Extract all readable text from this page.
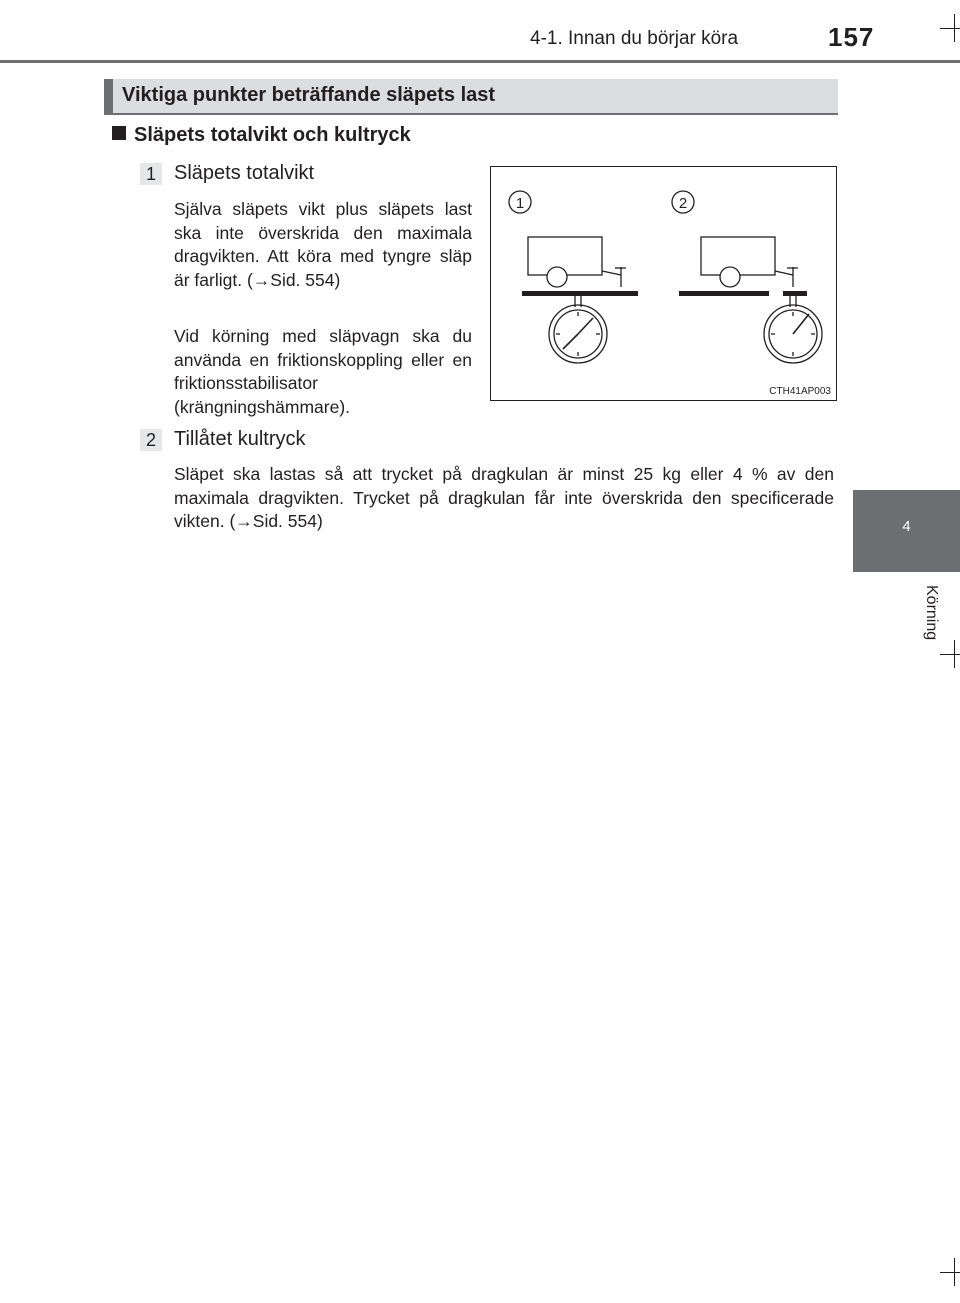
4-1. Innan du börjar köra	157
4
Körning
Viktiga punkter beträffande släpets last
Släpets totalvikt och kultryck
1 Släpets totalvikt
Själva släpets vikt plus släpets last ska inte överskrida den maximala dragvikten. Att köra med tyngre släp är farligt. (→Sid. 554)
Vid körning med släpvagn ska du använda en friktionskoppling eller en friktionsstabilisator (krängningshämmare).
1	2
CTH41AP003
2 Tillåtet kultryck
Släpet ska lastas så att trycket på dragkulan är minst 25 kg eller 4 % av den maximala dragvikten. Trycket på dragkulan får inte överskrida den specificerade vikten. (→Sid. 554)
